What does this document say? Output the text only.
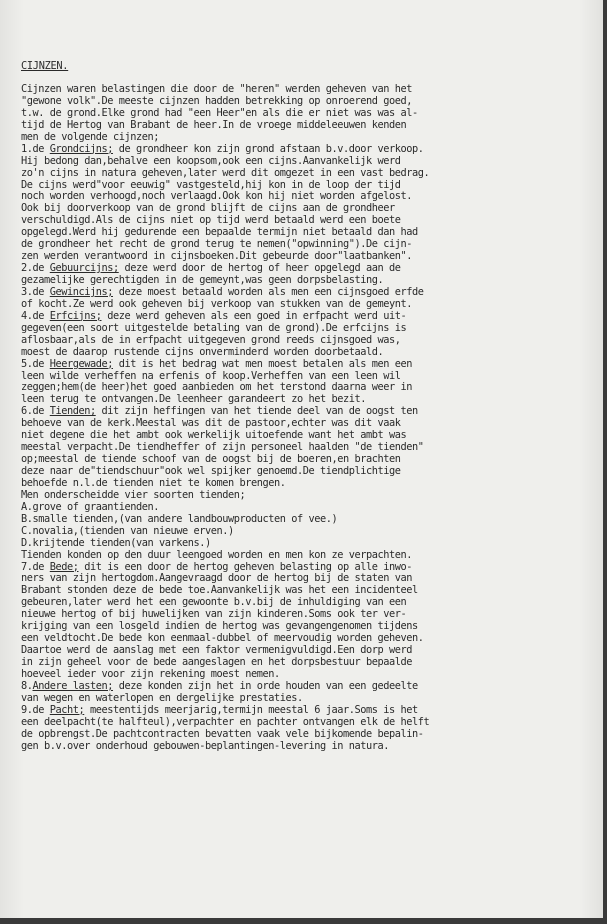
CIJNZEN.
Cijnzen waren belastingen die door de "heren" werden geheven van het
"gewone volk".De meeste cijnzen hadden betrekking op onroerend goed,
t.w. de grond.Elke grond had "een Heer"en als die er niet was was al-
tijd de Hertog van Brabant de heer.In de vroege middeleeuwen kenden
men de volgende cijnzen;
1.de Grondcijns; de grondheer kon zijn grond afstaan b.v.door verkoop.
Hij bedong dan,behalve een koopsom,ook een cijns.Aanvankelijk werd
zo'n cijns in natura geheven,later werd dit omgezet in een vast bedrag.
De cijns werd"voor eeuwig" vastgesteld,hij kon in de loop der tijd
noch worden verhoogd,noch verlaagd.Ook kon hij niet worden afgelost.
Ook bij doorverkoop van de grond blijft de cijns aan de grondheer
verschuldigd.Als de cijns niet op tijd werd betaald werd een boete
opgelegd.Werd hij gedurende een bepaalde termijn niet betaald dan had
de grondheer het recht de grond terug te nemen("opwinning").De cijn-
zen werden verantwoord in cijnsboeken.Dit gebeurde door"laatbanken".
2.de Gebuurcijns; deze werd door de hertog of heer opgelegd aan de
gezamelijke gerechtigden in de gemeynt,was geen dorpsbelasting.
3.de Gewincijns; deze moest betaald worden als men een cijnsgoed erfde
of kocht.Ze werd ook geheven bij verkoop van stukken van de gemeynt.
4.de Erfcijns; deze werd geheven als een goed in erfpacht werd uit-
gegeven(een soort uitgestelde betaling van de grond).De erfcijns is
aflosbaar,als de in erfpacht uitgegeven grond reeds cijnsgoed was,
moest de daarop rustende cijns onverminderd worden doorbetaald.
5.de Heergewade; dit is het bedrag wat men moest betalen als men een
leen wilde verheffen na erfenis of koop.Verheffen van een leen wil
zeggen;hem(de heer)het goed aanbieden om het terstond daarna weer in
leen terug te ontvangen.De leenheer garandeert zo het bezit.
6.de Tienden; dit zijn heffingen van het tiende deel van de oogst ten
behoeve van de kerk.Meestal was dit de pastoor,echter was dit vaak
niet degene die het ambt ook werkelijk uitoefende want het ambt was
meestal verpacht.De tiendheffer of zijn personeel haalden "de tienden"
op;meestal de tiende schoof van de oogst bij de boeren,en brachten
deze naar de"tiendschuur"ook wel spijker genoemd.De tiendplichtige
behoefde n.l.de tienden niet te komen brengen.
Men onderscheidde vier soorten tienden;
A.grove of graantienden.
B.smalle tienden,(van andere landbouwproducten of vee.)
C.novalia,(tienden van nieuwe erven.)
D.krijtende tienden(van varkens.)
Tienden konden op den duur leengoed worden en men kon ze verpachten.
7.de Bede; dit is een door de hertog geheven belasting op alle inwo-
ners van zijn hertogdom.Aangevraagd door de hertog bij de staten van
Brabant stonden deze de bede toe.Aanvankelijk was het een incidenteel
gebeuren,later werd het een gewoonte b.v.bij de inhuldiging van een
nieuwe hertog of bij huwelijken van zijn kinderen.Soms ook ter ver-
krijging van een losgeld indien de hertog was gevangengenomen tijdens
een veldtocht.De bede kon eenmaal-dubbel of meervoudig worden geheven.
Daartoe werd de aanslag met een faktor vermenigvuldigd.Een dorp werd
in zijn geheel voor de bede aangeslagen en het dorpsbestuur bepaalde
hoeveel ieder voor zijn rekening moest nemen.
8.Andere lasten; deze konden zijn het in orde houden van een gedeelte
van wegen en waterlopen en dergelijke prestaties.
9.de Pacht; meestentijds meerjarig,termijn meestal 6 jaar.Soms is het
een deelpacht(te halfteul),verpachter en pachter ontvangen elk de helft
de opbrengst.De pachtcontracten bevatten vaak vele bijkomende bepalin-
gen b.v.over onderhoud gebouwen-beplantingen-levering in natura.
